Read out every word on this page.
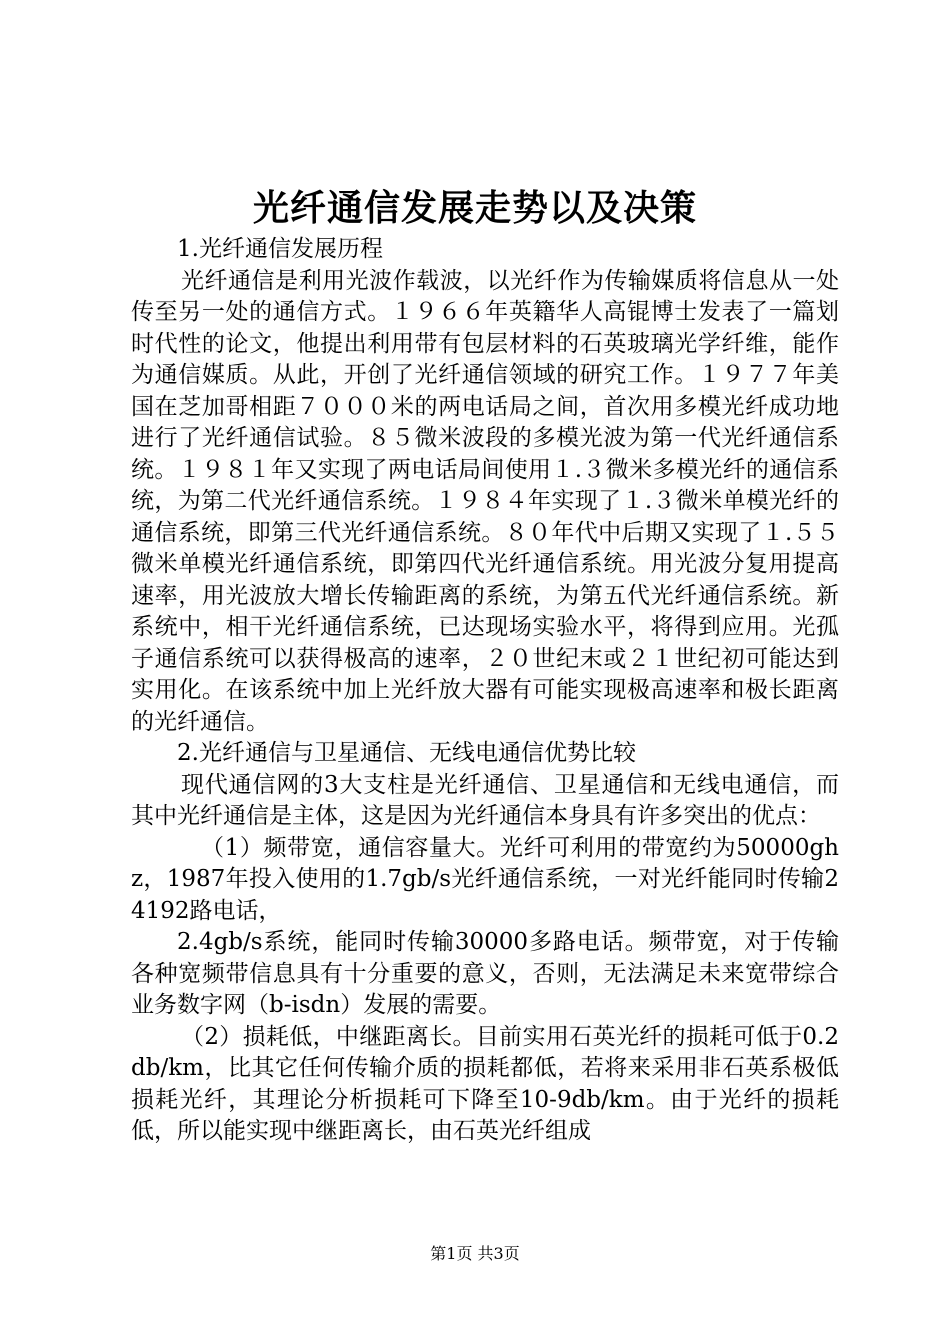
光纤通信发展走势以及决策

1.光纤通信发展历程

光纤通信是利用光波作载波，以光纤作为传输媒质将信息从一处传至另一处的通信方式。１９６６年英籍华人高锟博士发表了一篇划时代性的论文，他提出利用带有包层材料的石英玻璃光学纤维，能作为通信媒质。从此，开创了光纤通信领域的研究工作。１９７７年美国在芝加哥相距７０００米的两电话局之间，首次用多模光纤成功地进行了光纤通信试验。８５微米波段的多模光波为第一代光纤通信系统。１９８１年又实现了两电话局间使用１.３微米多模光纤的通信系统，为第二代光纤通信系统。１９８４年实现了１.３微米单模光纤的通信系统，即第三代光纤通信系统。８０年代中后期又实现了１.５５微米单模光纤通信系统，即第四代光纤通信系统。用光波分复用提高速率，用光波放大增长传输距离的系统，为第五代光纤通信系统。新系统中，相干光纤通信系统，已达现场实验水平，将得到应用。光孤子通信系统可以获得极高的速率，２０世纪末或２１世纪初可能达到实用化。在该系统中加上光纤放大器有可能实现极高速率和极长距离的光纤通信。

2.光纤通信与卫星通信、无线电通信优势比较

现代通信网的3大支柱是光纤通信、卫星通信和无线电通信，而其中光纤通信是主体，这是因为光纤通信本身具有许多突出的优点：

（1）频带宽，通信容量大。光纤可利用的带宽约为50000ghz，1987年投入使用的1.7gb/s光纤通信系统，一对光纤能同时传输24192路电话，

2.4gb/s系统，能同时传输30000多路电话。频带宽，对于传输各种宽频带信息具有十分重要的意义，否则，无法满足未来宽带综合业务数字网（b-isdn）发展的需要。

（2）损耗低，中继距离长。目前实用石英光纤的损耗可低于0.2db/km，比其它任何传输介质的损耗都低，若将来采用非石英系极低损耗光纤，其理论分析损耗可下降至10-9db/km。由于光纤的损耗低，所以能实现中继距离长，由石英光纤组成

第1页 共3页
